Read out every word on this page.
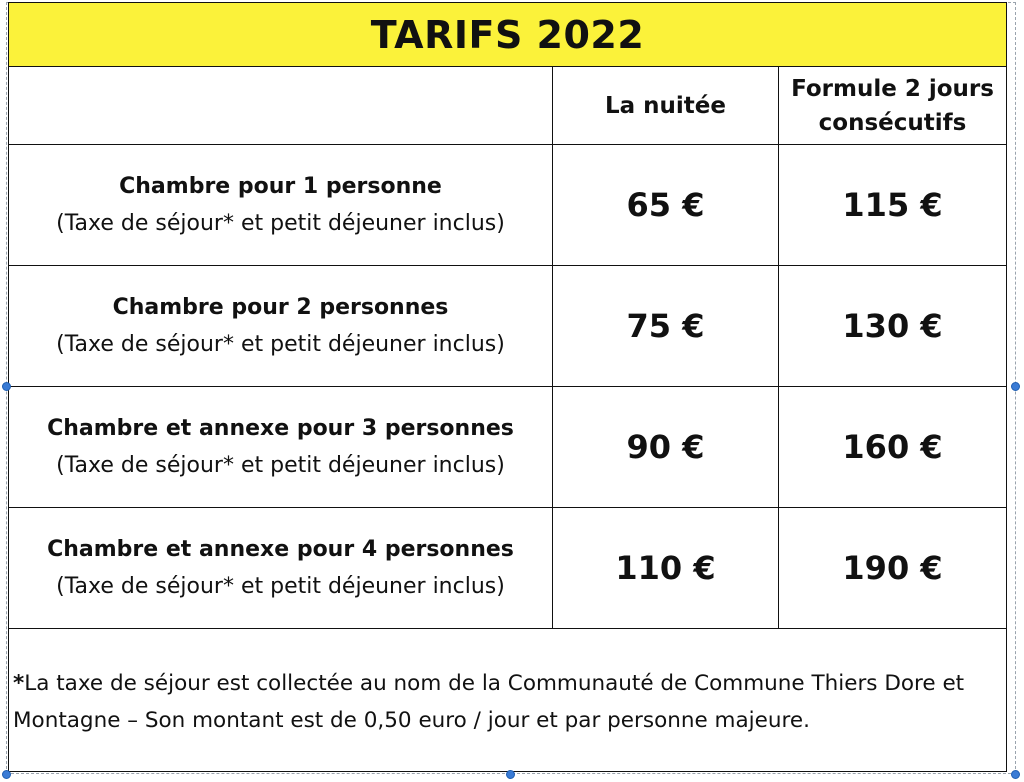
TARIFS 2022		
	La nuitée	Formule 2 jours
consécutifs

Chambre pour 1 personne
(Taxe de séjour* et petit déjeuner inclus)	65 €	115 €

Chambre pour 2 personnes
(Taxe de séjour* et petit déjeuner inclus)	75 €	130 €

Chambre et annexe pour 3 personnes
(Taxe de séjour* et petit déjeuner inclus)	90 €	160 €

Chambre et annexe pour 4 personnes
(Taxe de séjour* et petit déjeuner inclus)	110 €	190 €

*La taxe de séjour est collectée au nom de la Communauté de Commune Thiers Dore et Montagne – Son montant est de 0,50 euro / jour et par personne majeure.		
